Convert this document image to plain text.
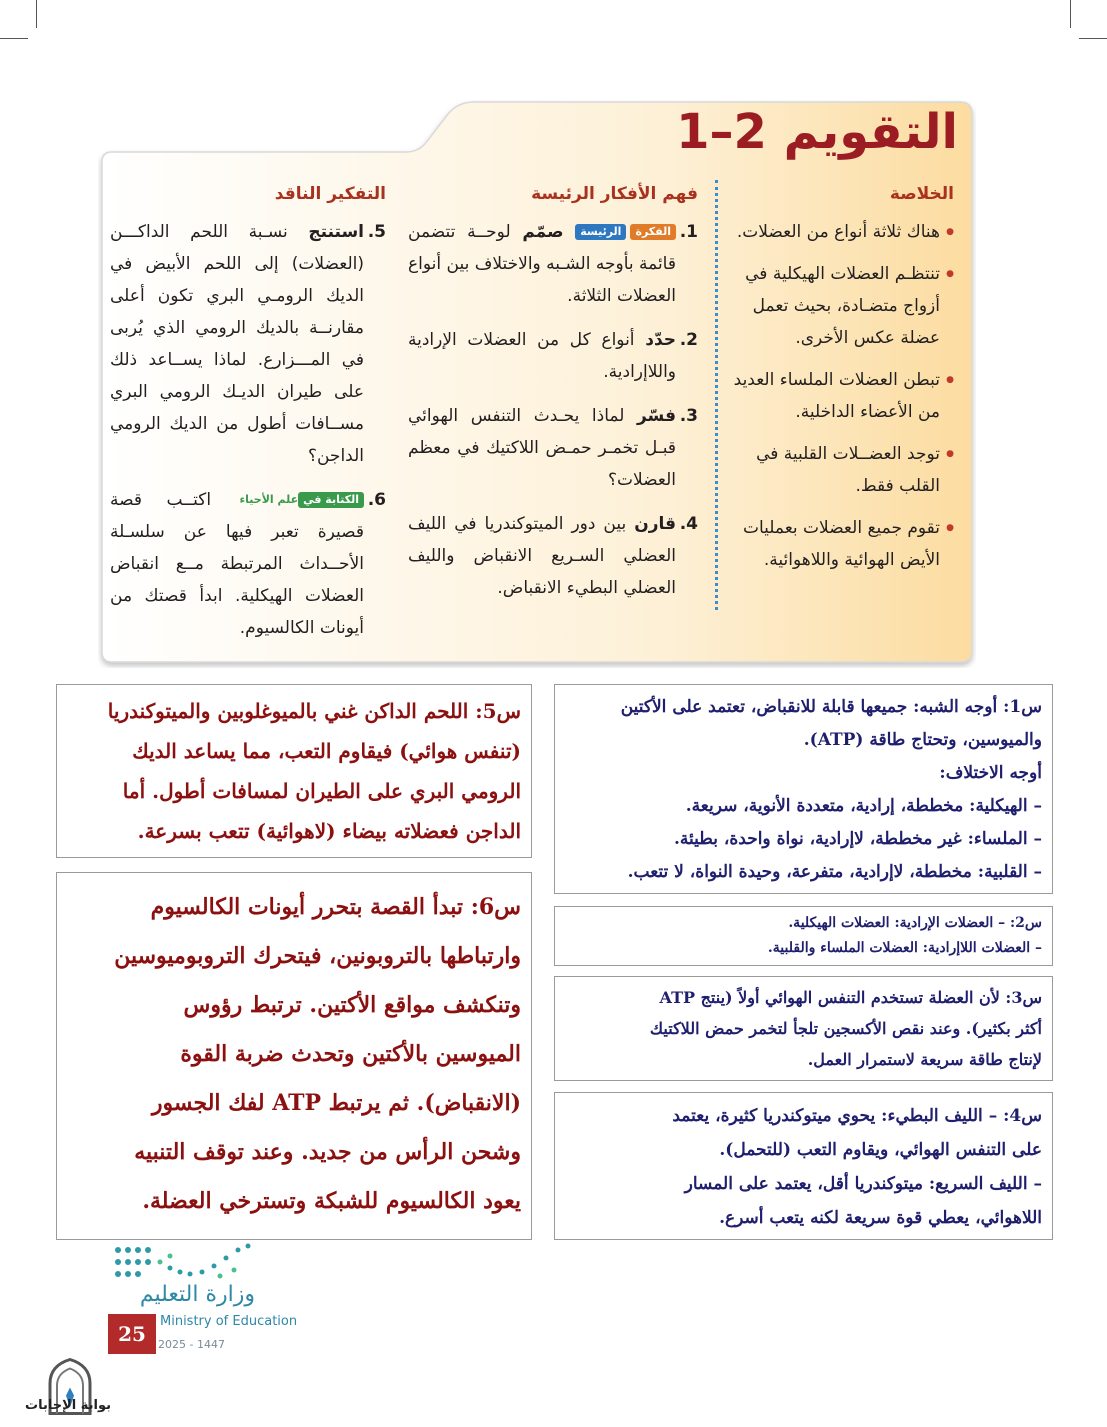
التقويم 2–1
الخلاصة
● هناك ثلاثة أنواع من العضلات.
● تنتظـم العضلات الهيكلية في أزواج متضـادة، بحيث تعمل عضلة عكس الأخرى.
● تبطن العضلات الملساء العديد من الأعضاء الداخلية.
● توجد العضــلات القلبية في القلب فقط.
● تقوم جميع العضلات بعمليات الأيض الهوائية واللاهوائية.
فهم الأفكار الرئيسة
1.
الفكرةالرئيسة صمّم لوحــة تتضمن قائمة بأوجه الشـبه والاختلاف بين أنواع العضلات الثلاثة.
2.
حدّد أنواع كل من العضلات الإرادية واللاإرادية.
3.
فسّر لماذا يحـدث التنفس الهوائي قبـل تخمـر حمـض اللاكتيك في معظم العضلات؟
4.
قارن بين دور الميتوكندريا في الليف العضلي السـريع الانقباض والليف العضلي البطيء الانقباض.
التفكير الناقد
5.
استنتج نسـبة اللحم الداكـــن (العضلات) إلى اللحم الأبيض في الديك الرومـي البري تكون أعلى مقارنــة بالديك الرومي الذي يُربى في المـــزارع. لماذا يســاعد ذلك على طيران الديـك الرومي البري مســافات أطول من الديك الرومي الداجن؟
6.
الكتابة فيعلم الأحياء اكتــب قصة قصيرة تعبر فيها عن سلسـلة الأحــداث المرتبطة مــع انقباض العضلات الهيكلية. ابدأ قصتك من أيونات الكالسيوم.

س1: أوجه الشبه: جميعها قابلة للانقباض، تعتمد على الأكتين

والميوسين، وتحتاج طاقة (ATP).

أوجه الاختلاف:

– الهيكلية: مخططة، إرادية، متعددة الأنوية، سريعة.

– الملساء: غير مخططة، لاإرادية، نواة واحدة، بطيئة.

– القلبية: مخططة، لاإرادية، متفرعة، وحيدة النواة، لا تتعب.

س2: – العضلات الإرادية: العضلات الهيكلية.

– العضلات اللاإرادية: العضلات الملساء والقلبية.

س3: لأن العضلة تستخدم التنفس الهوائي أولاً (ينتج ATP

أكثر بكثير). وعند نقص الأكسجين تلجأ لتخمر حمض اللاكتيك

لإنتاج طاقة سريعة لاستمرار العمل.

س4: – الليف البطيء: يحوي ميتوكندريا كثيرة، يعتمد

على التنفس الهوائي، ويقاوم التعب (للتحمل).

– الليف السريع: ميتوكندريا أقل، يعتمد على المسار

اللاهوائي، يعطي قوة سريعة لكنه يتعب أسرع.

س5: اللحم الداكن غني بالميوغلوبين والميتوكندريا

(تنفس هوائي) فيقاوم التعب، مما يساعد الديك

الرومي البري على الطيران لمسافات أطول. أما

الداجن فعضلاته بيضاء (لاهوائية) تتعب بسرعة.

س6: تبدأ القصة بتحرر أيونات الكالسيوم

وارتباطها بالتروبونين، فيتحرك التروبوميوسين

وتنكشف مواقع الأكتين. ترتبط رؤوس

الميوسين بالأكتين وتحدث ضربة القوة

(الانقباض). ثم يرتبط ATP لفك الجسور

وشحن الرأس من جديد. وعند توقف التنبيه

يعود الكالسيوم للشبكة وتسترخي العضلة.

وزارة التعليم
Ministry of Education
2025 - 1447
25
بوابة الإجابات
